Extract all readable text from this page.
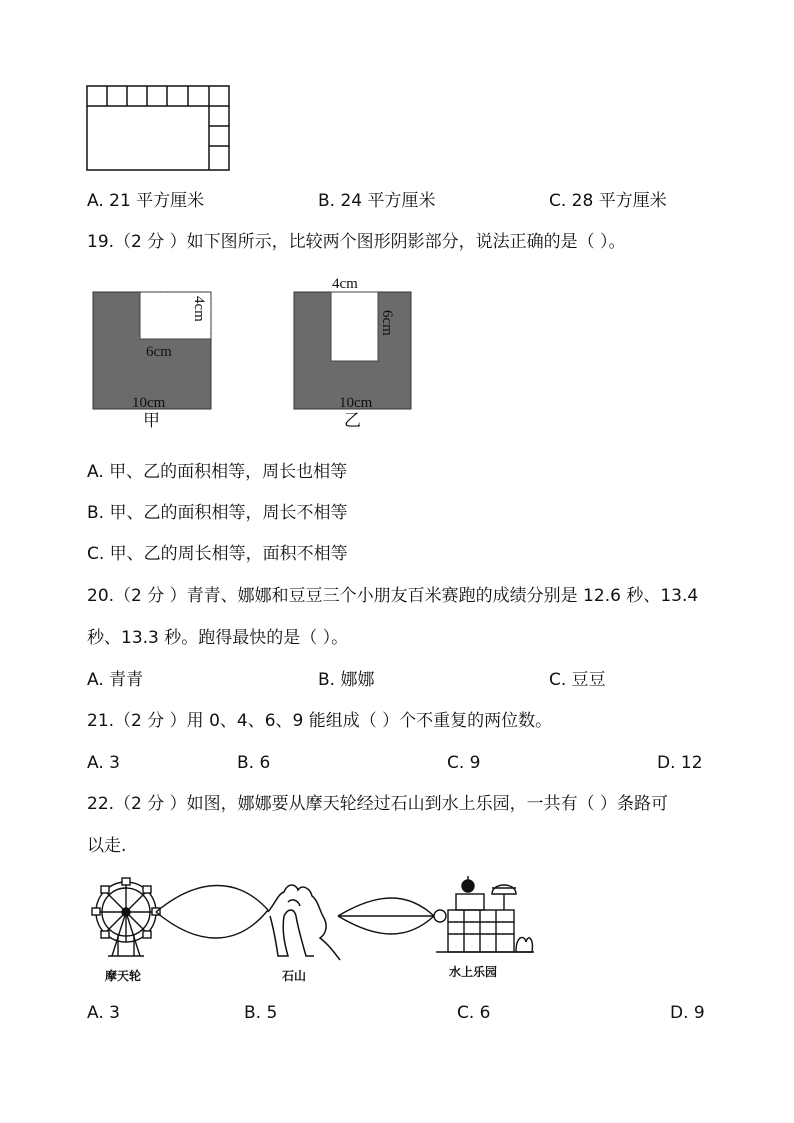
A. 21 平方厘米	B. 24 平方厘米	C. 28 平方厘米
19.（2 分 ）如下图所示，比较两个图形阴影部分，说法正确的是（ ）。
4cm
6cm
10cm
甲
4cm
6cm
10cm
乙
A. 甲、乙的面积相等，周长也相等
B. 甲、乙的面积相等，周长不相等
C. 甲、乙的周长相等，面积不相等
20.（2 分 ）青青、娜娜和豆豆三个小朋友百米赛跑的成绩分别是 12.6 秒、13.4
秒、13.3 秒。跑得最快的是（ ）。
A. 青青	B. 娜娜	C. 豆豆
21.（2 分 ）用 0、4、6、9 能组成（ ）个不重复的两位数。
A. 3	B. 6	C. 9	D. 12
22.（2 分 ）如图，娜娜要从摩天轮经过石山到水上乐园，一共有（ ）条路可
以走.
摩天轮	石山	水上乐园
A. 3	B. 5	C. 6	D. 9
